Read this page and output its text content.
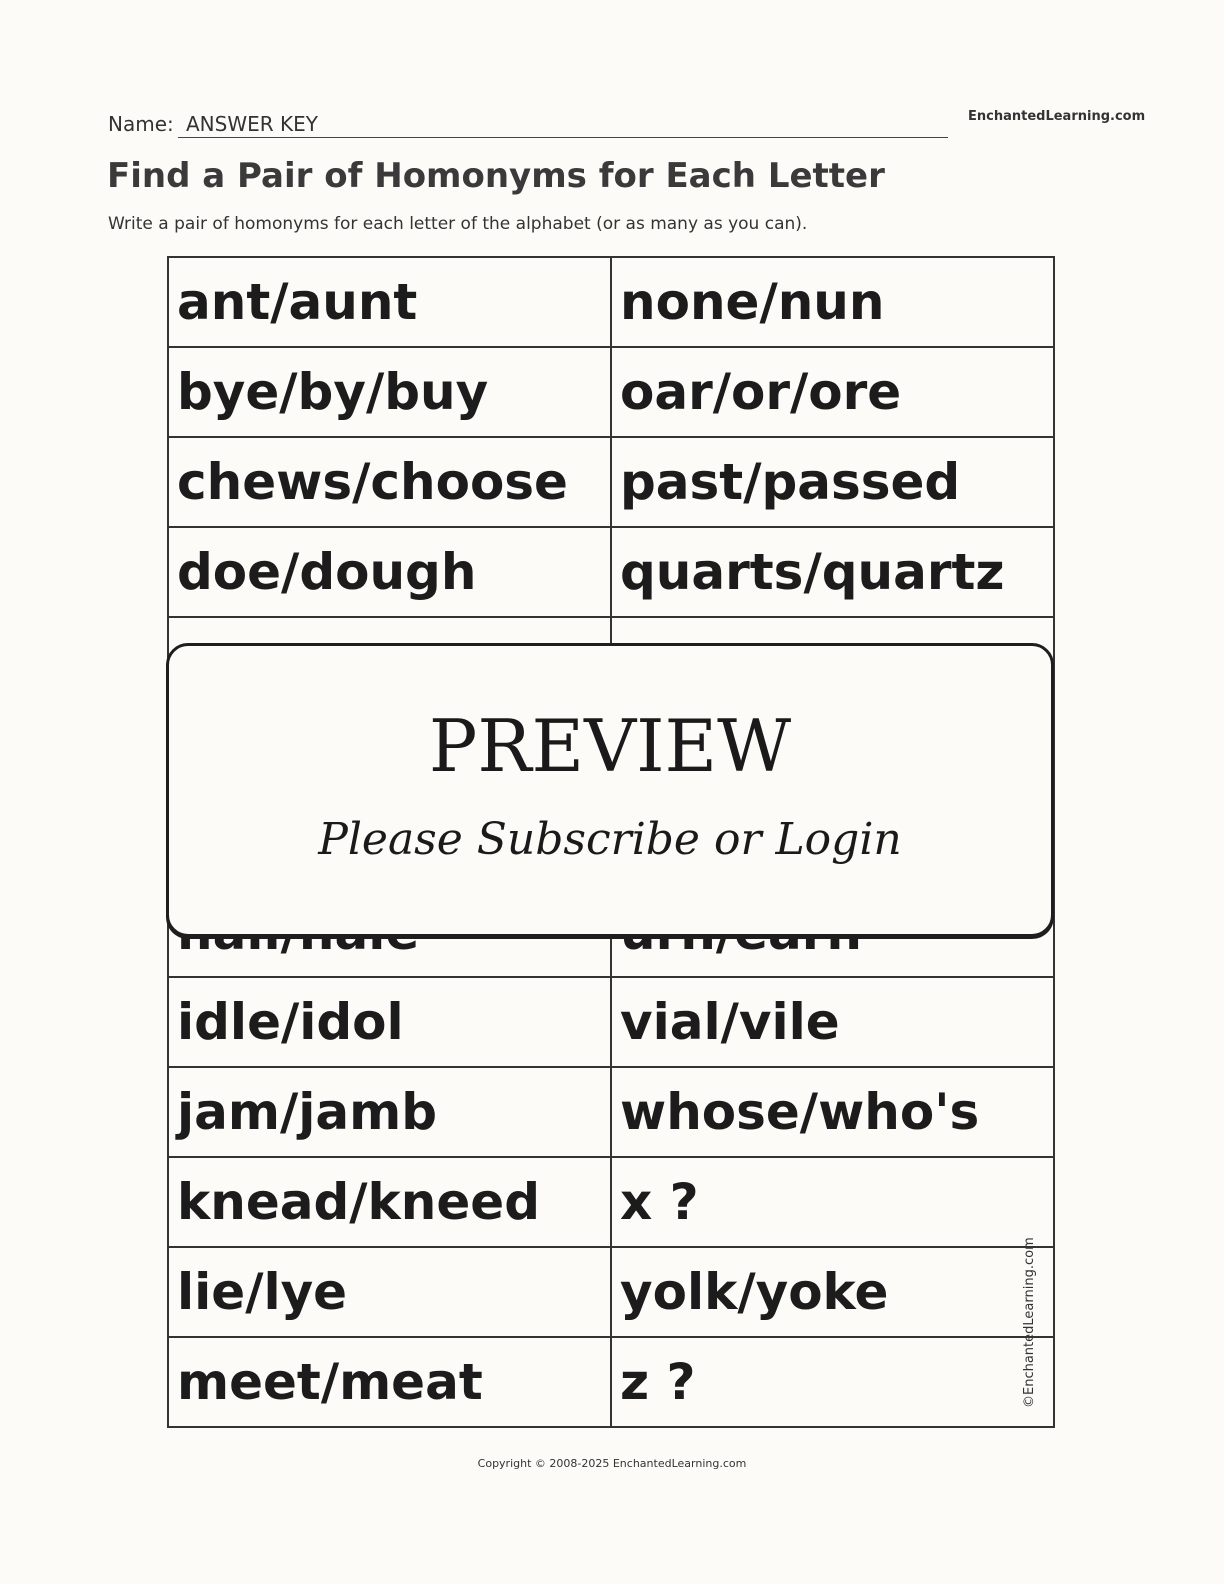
Name: ANSWER KEY	EnchantedLearning.com
Find a Pair of Homonyms for Each Letter
Write a pair of homonyms for each letter of the alphabet (or as many as you can).
ant/aunt	none/nun
bye/by/buy	oar/or/ore
chews/choose	past/passed
doe/dough	quarts/quartz

idle/idol	vial/vile
jam/jamb	whose/who's
knead/kneed	x ?
lie/lye	yolk/yoke
meet/meat	z ?
PREVIEW
Please Subscribe or Login
©EnchantedLearning.com
Copyright © 2008-2025 EnchantedLearning.com
